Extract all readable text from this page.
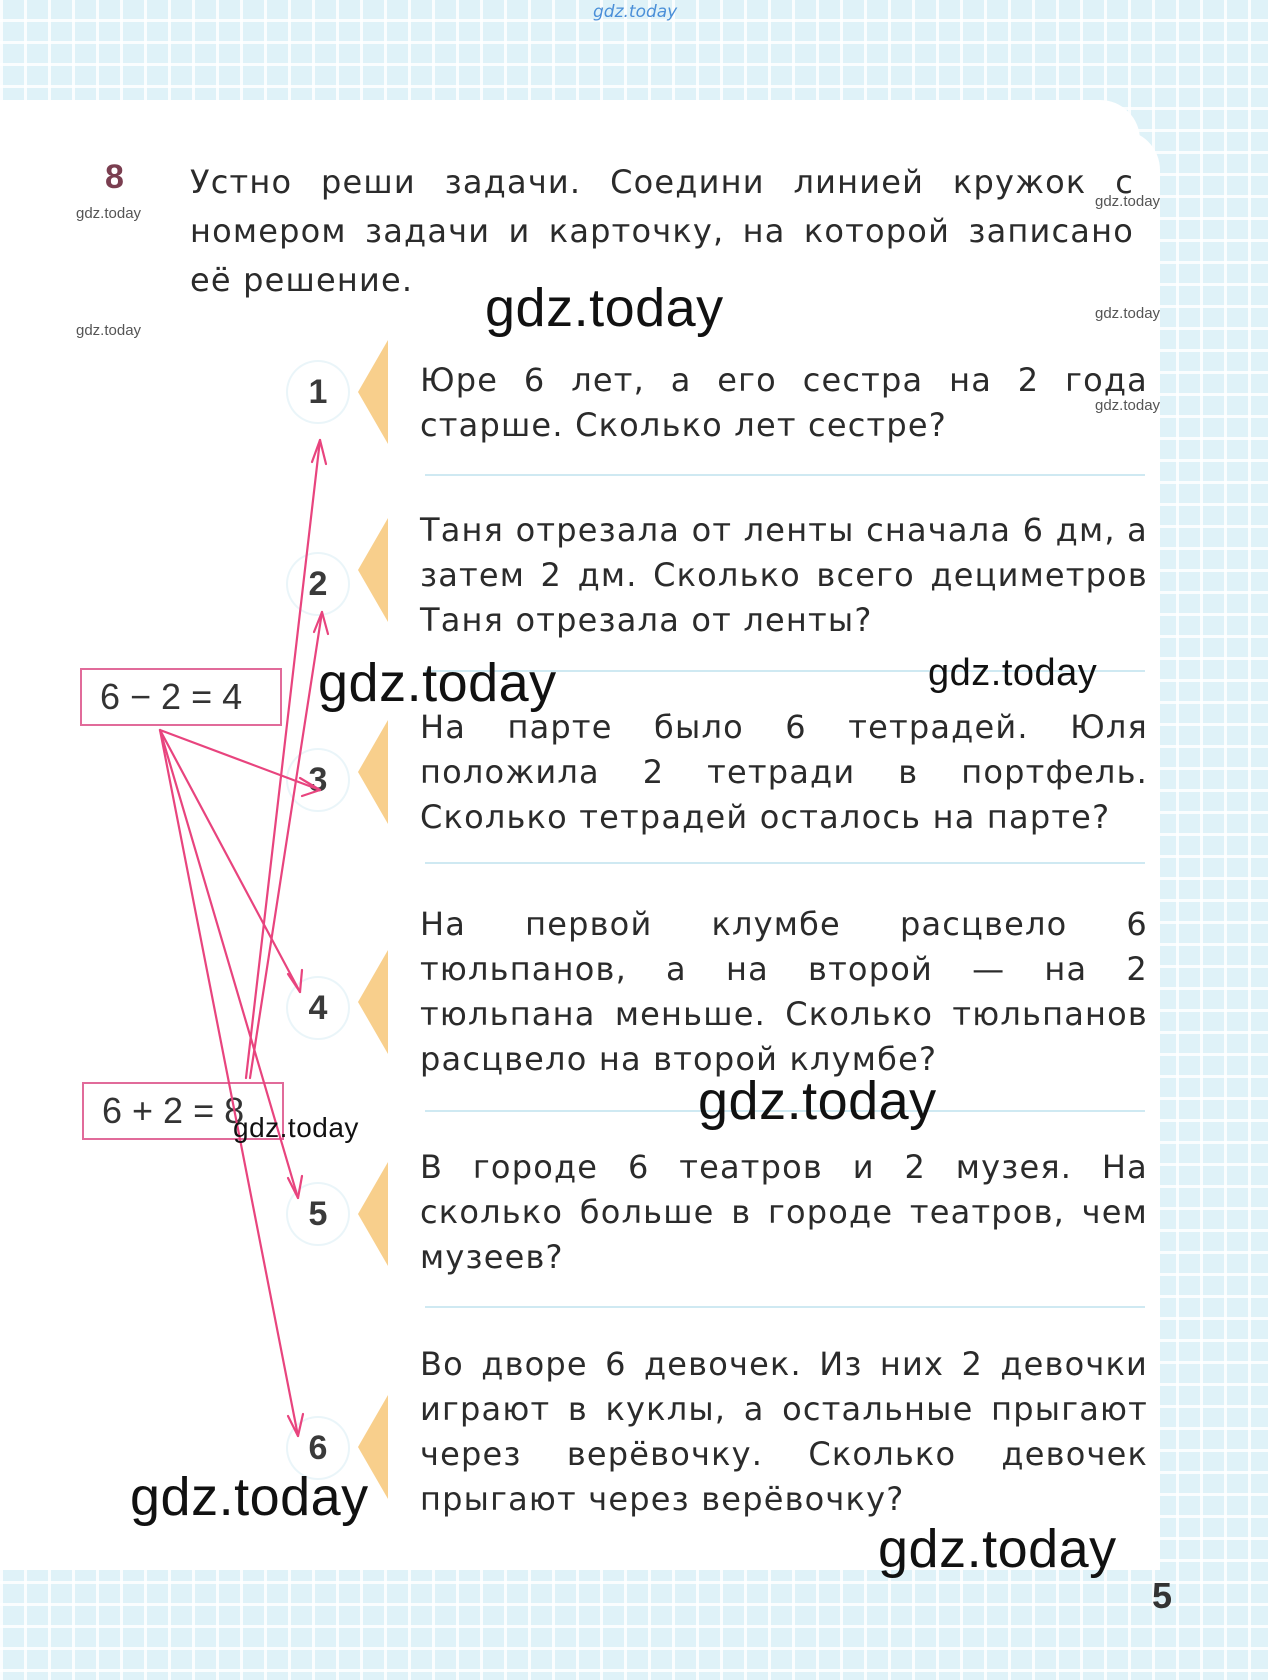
gdz.today
8 Устно реши задачи. Соедини линией кружок с номером задачи и карточку, на которой записано её решение.
1	Юре 6 лет, а его сестра на 2 года старше. Сколько лет сестре?
2
Таня отрезала от ленты сначала 6 дм, а затем 2 дм. Сколько всего дециметров Таня отрезала от ленты?
3
На парте было 6 тетрадей. Юля положила 2 тетради в портфель. Сколько тетрадей осталось на парте?
4
На первой клумбе расцвело 6 тюльпанов, а на второй — на 2 тюльпана меньше. Сколько тюльпанов расцвело на второй клумбе?
5
В городе 6 театров и 2 музея. На сколько больше в городе театров, чем музеев?
6
Во дворе 6 девочек. Из них 2 девочки играют в куклы, а остальные прыгают через верёвочку. Сколько девочек прыгают через верёвочку?
6 − 2 = 4
6 + 2 = 8
gdz.today
gdz.today
gdz.today
gdz.today
gdz.today
gdz.today
gdz.today	gdz.today
gdz.today	gdz.today
gdz.today
gdz.today
5
